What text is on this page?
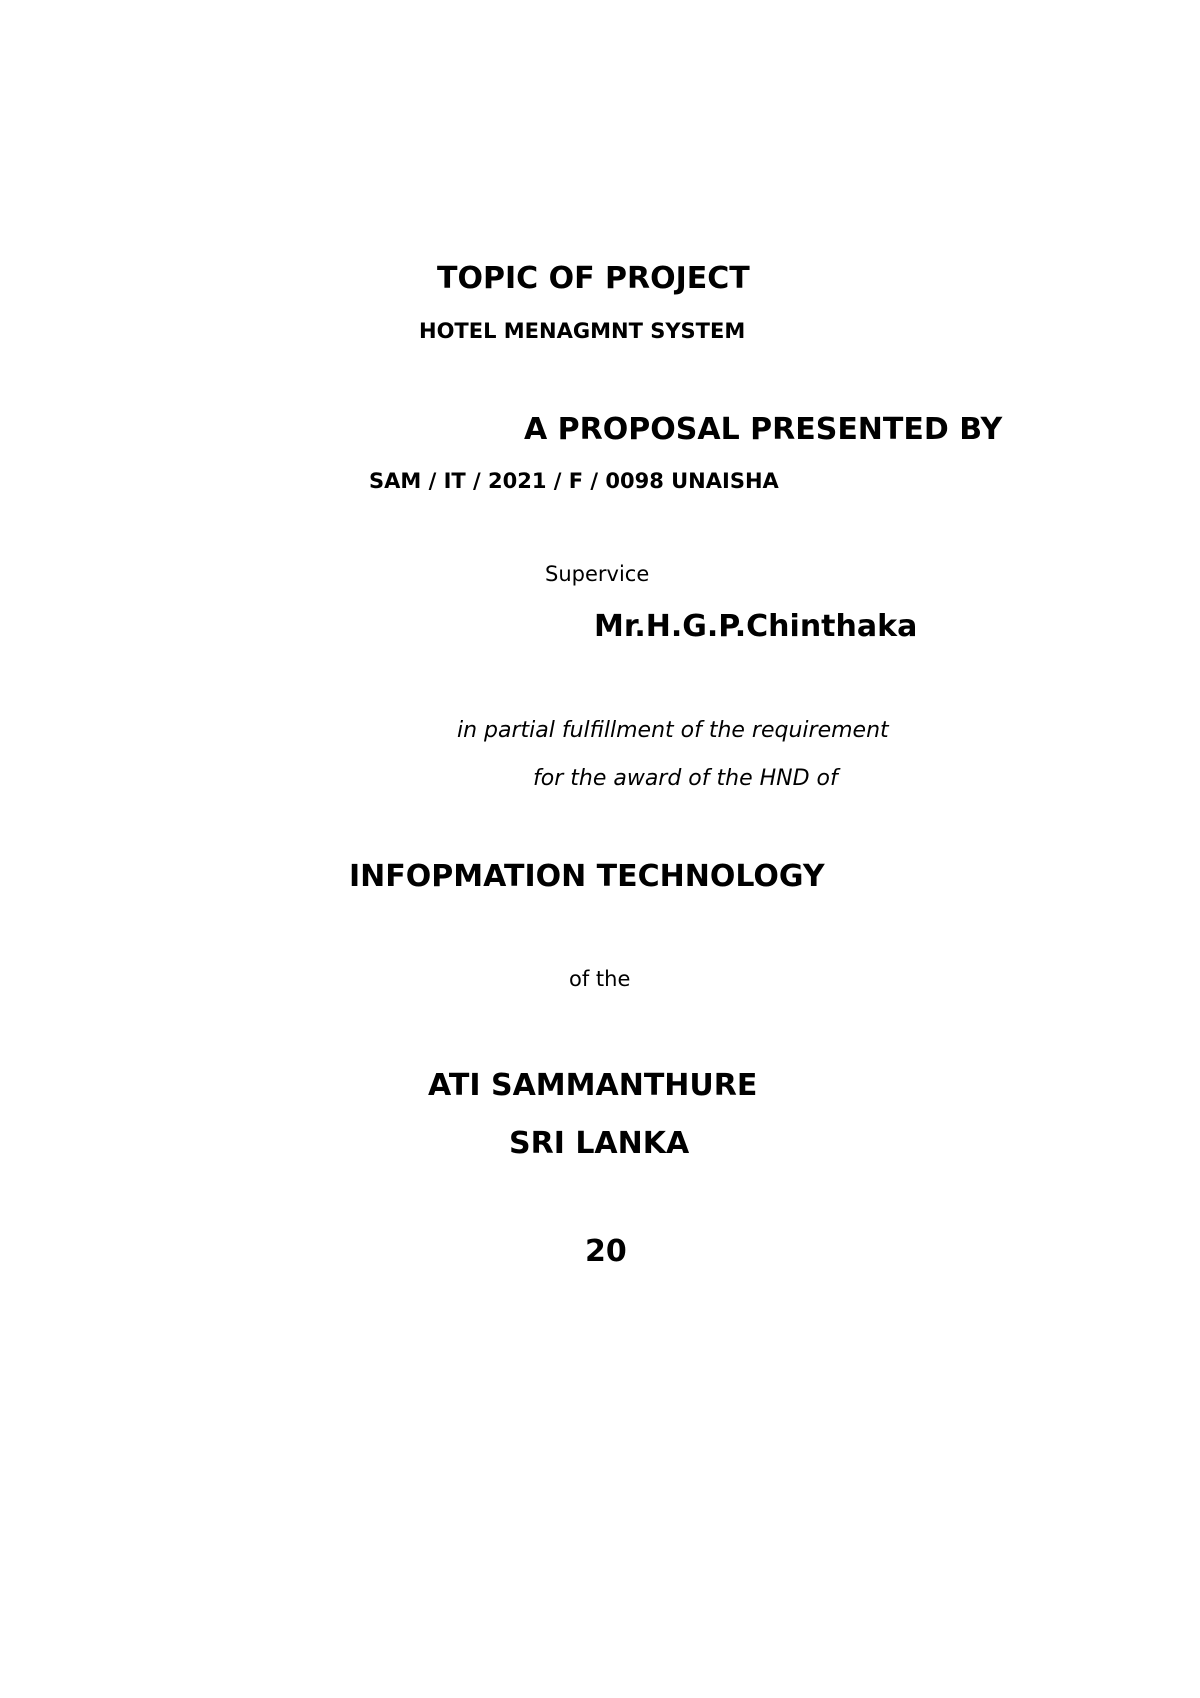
TOPIC OF PROJECT
HOTEL MENAGMNT SYSTEM
A PROPOSAL PRESENTED BY
SAM / IT / 2021 / F / 0098 UNAISHA
Supervice
Mr.H.G.P.Chinthaka
in partial fulfillment of the requirement
for the award of the HND of
INFOPMATION TECHNOLOGY
of the
ATI SAMMANTHURE
SRI LANKA
20
